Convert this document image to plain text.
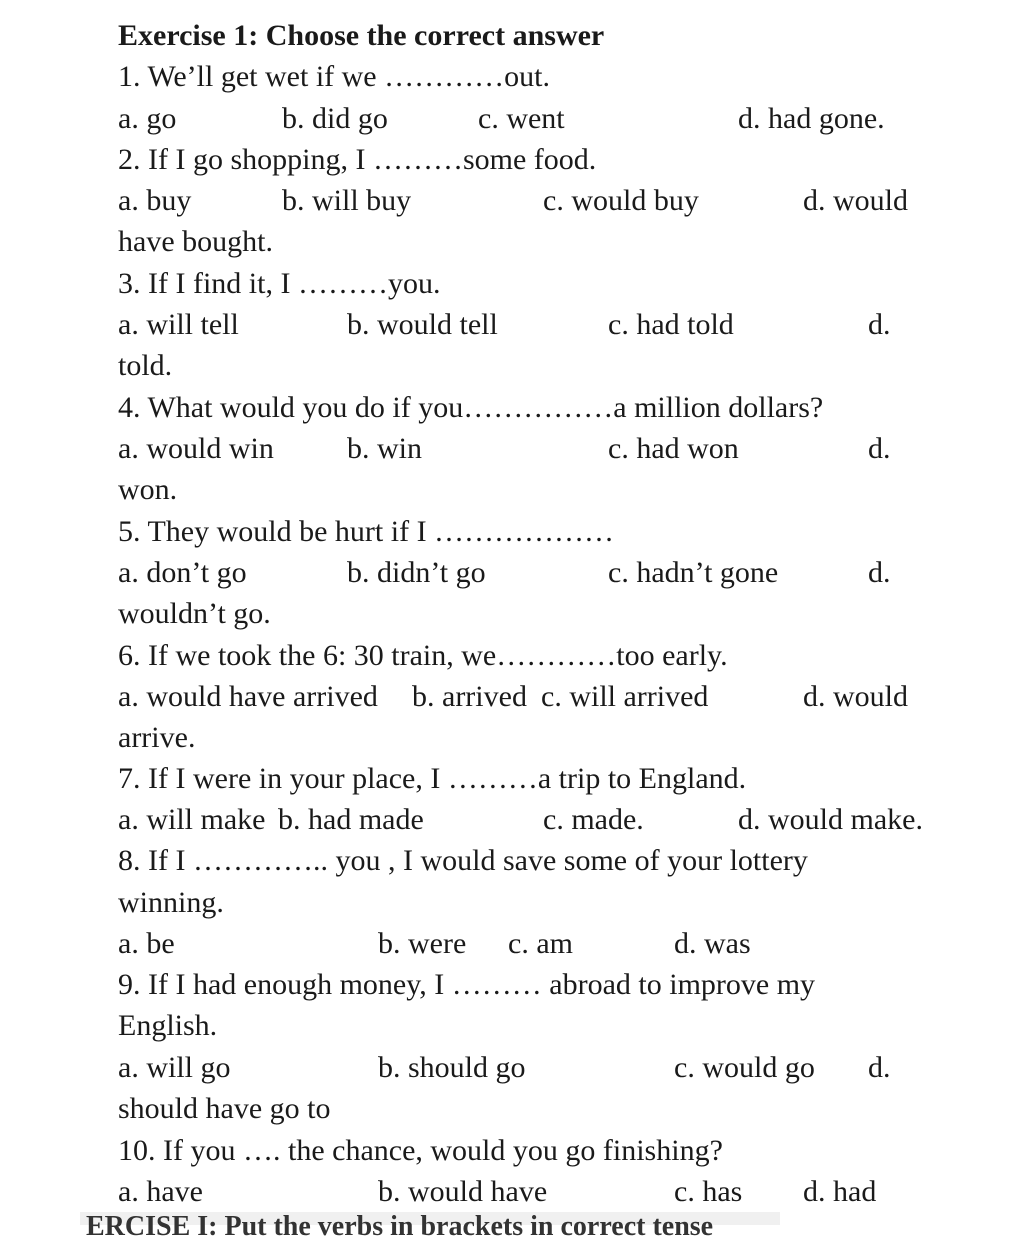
Exercise 1: Choose the correct answer
1. We’ll get wet if we …………out.
a. go	b. did go	c. went	d. had gone.
2. If I go shopping, I ………some food.
a. buy	b. will buy	c. would buy	d. would
have bought.
3. If I find it, I ………you.
a. will tell	b. would tell	c. had told	d.
told.
4. What would you do if you……………a million dollars?
a. would win b. win	c. had won	d.
won.
5. They would be hurt if I ………………
a. don’t go	b. didn’t go	c. hadn’t gone	d.
wouldn’t go.
6. If we took the 6: 30 train, we…………too early.
a. would have arrived b. arrived c. will arrived	d. would
arrive.
7. If I were in your place, I ………a trip to England.
a. will make b. had made	c. made.	d. would make.
8. If I ………….. you , I would save some of your lottery
winning.
a. be	b. were c. am	d. was
9. If I had enough money, I ……… abroad to improve my
English.
a. will go	b. should go	c. would go d.
should have go to
10. If you …. the chance, would you go finishing?
a. have	b. would have	c. has d. had
ERCISE I: Put the verbs in brackets in correct tense
